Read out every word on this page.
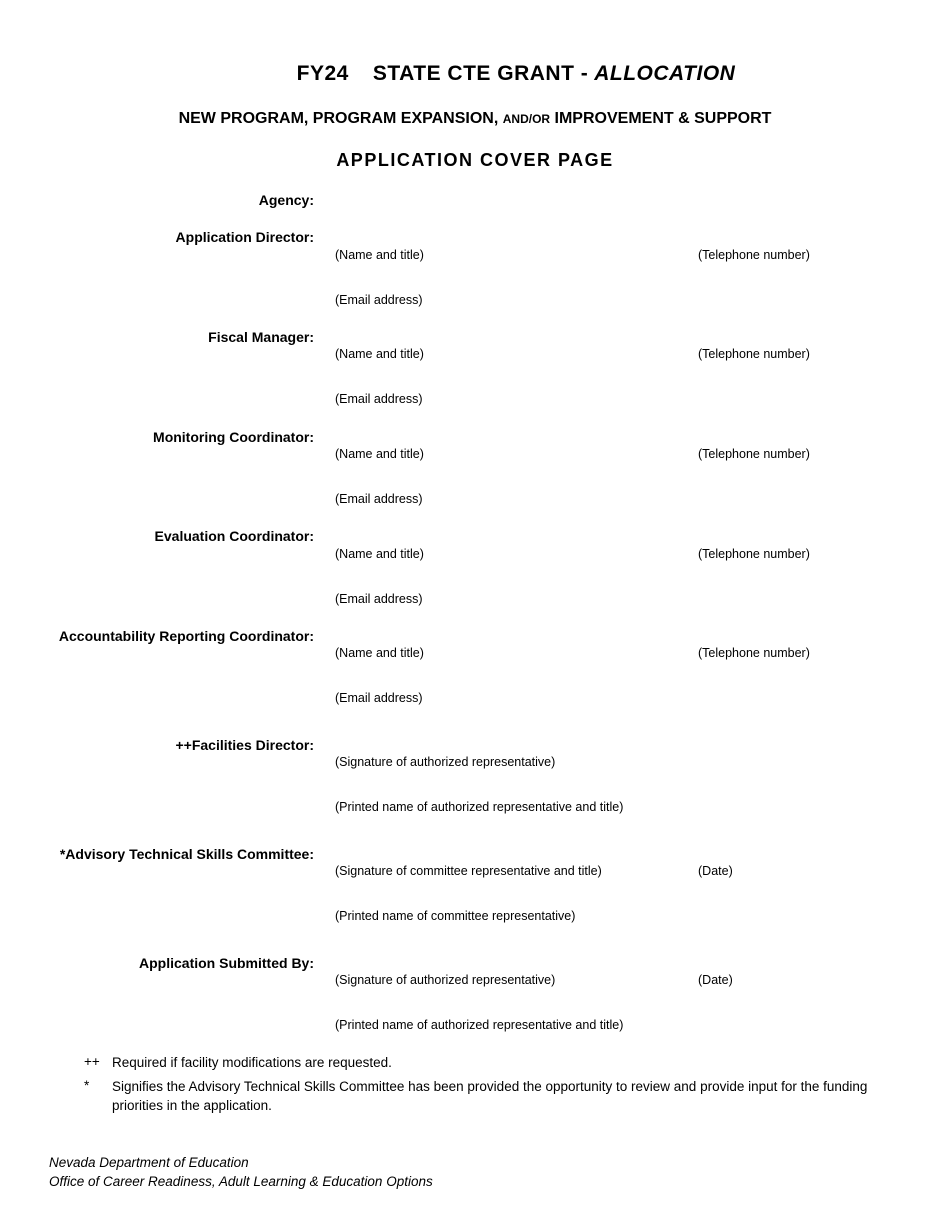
FY24 STATE CTE GRANT - ALLOCATION
NEW PROGRAM, PROGRAM EXPANSION, AND/OR IMPROVEMENT & SUPPORT
APPLICATION COVER PAGE
Agency:
Application Director:
(Name and title)	(Telephone number)
(Email address)
Fiscal Manager:
(Name and title)	(Telephone number)
(Email address)
Monitoring Coordinator:
(Name and title)	(Telephone number)
(Email address)
Evaluation Coordinator:
(Name and title)	(Telephone number)
(Email address)
Accountability Reporting Coordinator:
(Name and title)	(Telephone number)
(Email address)
++Facilities Director:
(Signature of authorized representative)
(Printed name of authorized representative and title)
*Advisory Technical Skills Committee:
(Signature of committee representative and title)	(Date)
(Printed name of committee representative)
Application Submitted By:
(Signature of authorized representative)	(Date)
(Printed name of authorized representative and title)
++ Required if facility modifications are requested.
* Signifies the Advisory Technical Skills Committee has been provided the opportunity to review and provide input for the funding priorities in the application.
Nevada Department of Education
Office of Career Readiness, Adult Learning & Education Options
